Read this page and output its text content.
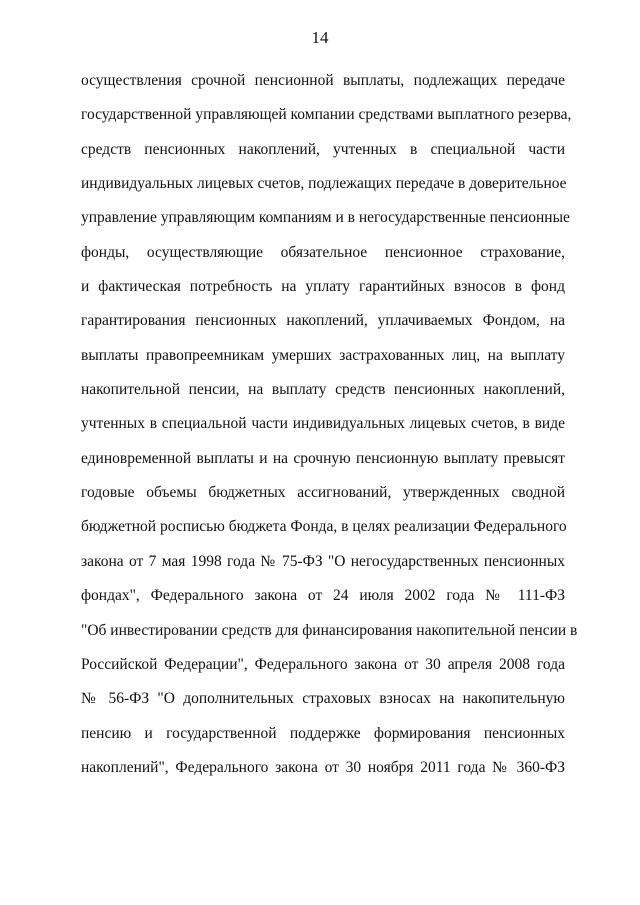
14
осуществления срочной пенсионной выплаты, подлежащих передаче
государственной управляющей компании средствами выплатного резерва,
средств пенсионных накоплений, учтенных в специальной части
индивидуальных лицевых счетов, подлежащих передаче в доверительное
управление управляющим компаниям и в негосударственные пенсионные
фонды, осуществляющие обязательное пенсионное страхование,
и фактическая потребность на уплату гарантийных взносов в фонд
гарантирования пенсионных накоплений, уплачиваемых Фондом, на
выплаты правопреемникам умерших застрахованных лиц, на выплату
накопительной пенсии, на выплату средств пенсионных накоплений,
учтенных в специальной части индивидуальных лицевых счетов, в виде
единовременной выплаты и на срочную пенсионную выплату превысят
годовые объемы бюджетных ассигнований, утвержденных сводной
бюджетной росписью бюджета Фонда, в целях реализации Федерального
закона от 7 мая 1998 года № 75-ФЗ "О негосударственных пенсионных
фондах", Федерального закона от 24 июля 2002 года № 111-ФЗ
"Об инвестировании средств для финансирования накопительной пенсии в
Российской Федерации", Федерального закона от 30 апреля 2008 года
№ 56-ФЗ "О дополнительных страховых взносах на накопительную
пенсию и государственной поддержке формирования пенсионных
накоплений", Федерального закона от 30 ноября 2011 года № 360-ФЗ
